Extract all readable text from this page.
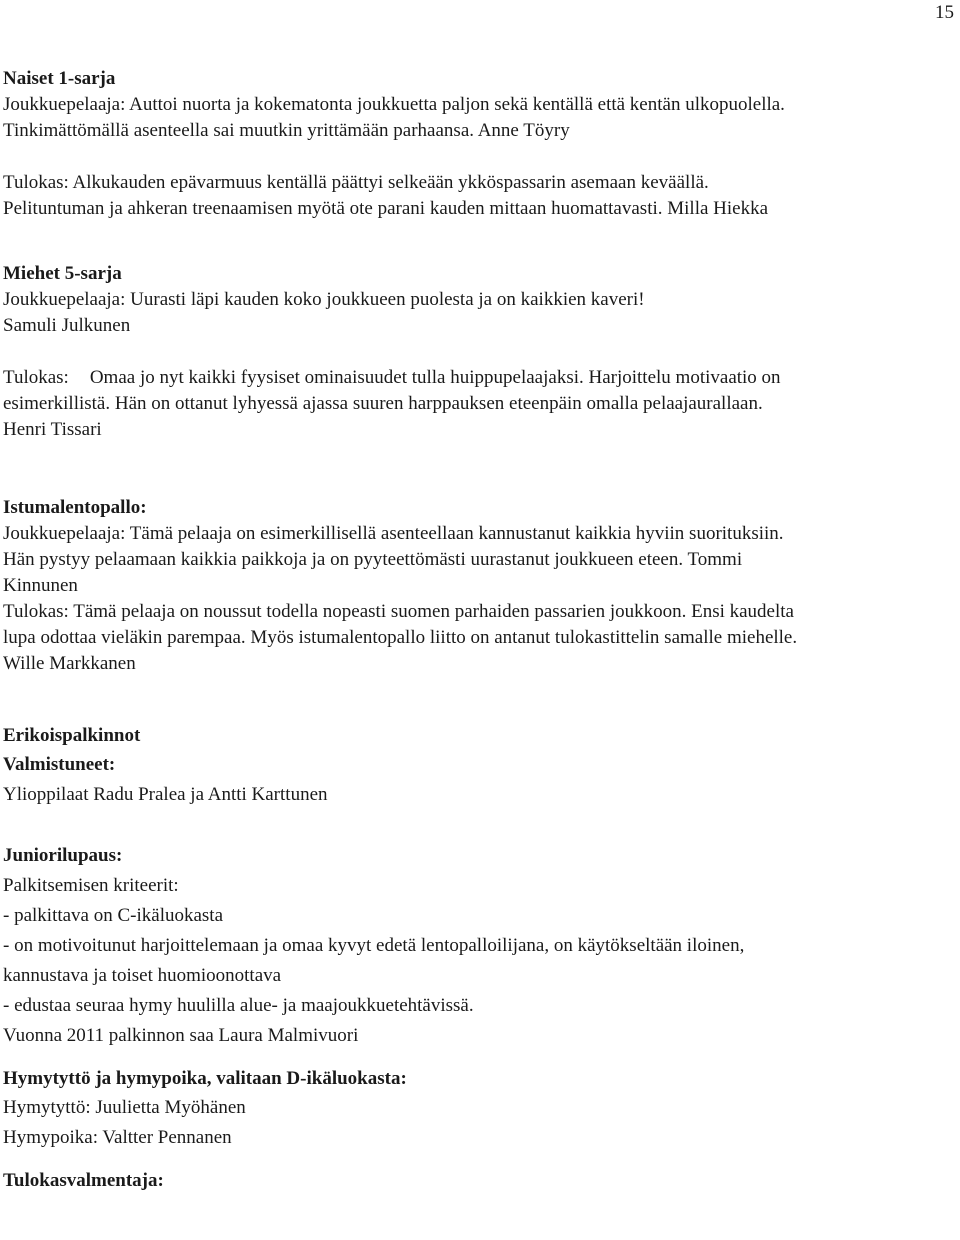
15
Naiset 1-sarja
Joukkuepelaaja: Auttoi nuorta ja kokematonta joukkuetta paljon sekä kentällä että kentän ulkopuolella.
Tinkimättömällä asenteella sai muutkin yrittämään parhaansa. Anne Töyry
Tulokas: Alkukauden epävarmuus kentällä päättyi selkeään ykköspassarin asemaan keväällä.
Pelituntuman ja ahkeran treenaamisen myötä ote parani kauden mittaan huomattavasti. Milla Hiekka
Miehet 5-sarja
Joukkuepelaaja: Uurasti läpi kauden koko joukkueen puolesta ja on kaikkien kaveri!
Samuli Julkunen
Tulokas: Omaa jo nyt kaikki fyysiset ominaisuudet tulla huippupelaajaksi. Harjoittelu motivaatio on
esimerkillistä. Hän on ottanut lyhyessä ajassa suuren harppauksen eteenpäin omalla pelaajaurallaan.
Henri Tissari
Istumalentopallo:
Joukkuepelaaja: Tämä pelaaja on esimerkillisellä asenteellaan kannustanut kaikkia hyviin suorituksiin.
Hän pystyy pelaamaan kaikkia paikkoja ja on pyyteettömästi uurastanut joukkueen eteen. Tommi
Kinnunen
Tulokas: Tämä pelaaja on noussut todella nopeasti suomen parhaiden passarien joukkoon. Ensi kaudelta
lupa odottaa vieläkin parempaa. Myös istumalentopallo liitto on antanut tulokastittelin samalle miehelle.
Wille Markkanen
Erikoispalkinnot
Valmistuneet:
Ylioppilaat Radu Pralea ja Antti Karttunen
Juniorilupaus:
Palkitsemisen kriteerit:
- palkittava on C-ikäluokasta
- on motivoitunut harjoittelemaan ja omaa kyvyt edetä lentopalloilijana, on käytökseltään iloinen,
kannustava ja toiset huomioonottava
- edustaa seuraa hymy huulilla alue- ja maajoukkuetehtävissä.
Vuonna 2011 palkinnon saa Laura Malmivuori
Hymytyttö ja hymypoika, valitaan D-ikäluokasta:
Hymytyttö: Juulietta Myöhänen
Hymypoika: Valtter Pennanen
Tulokasvalmentaja:
